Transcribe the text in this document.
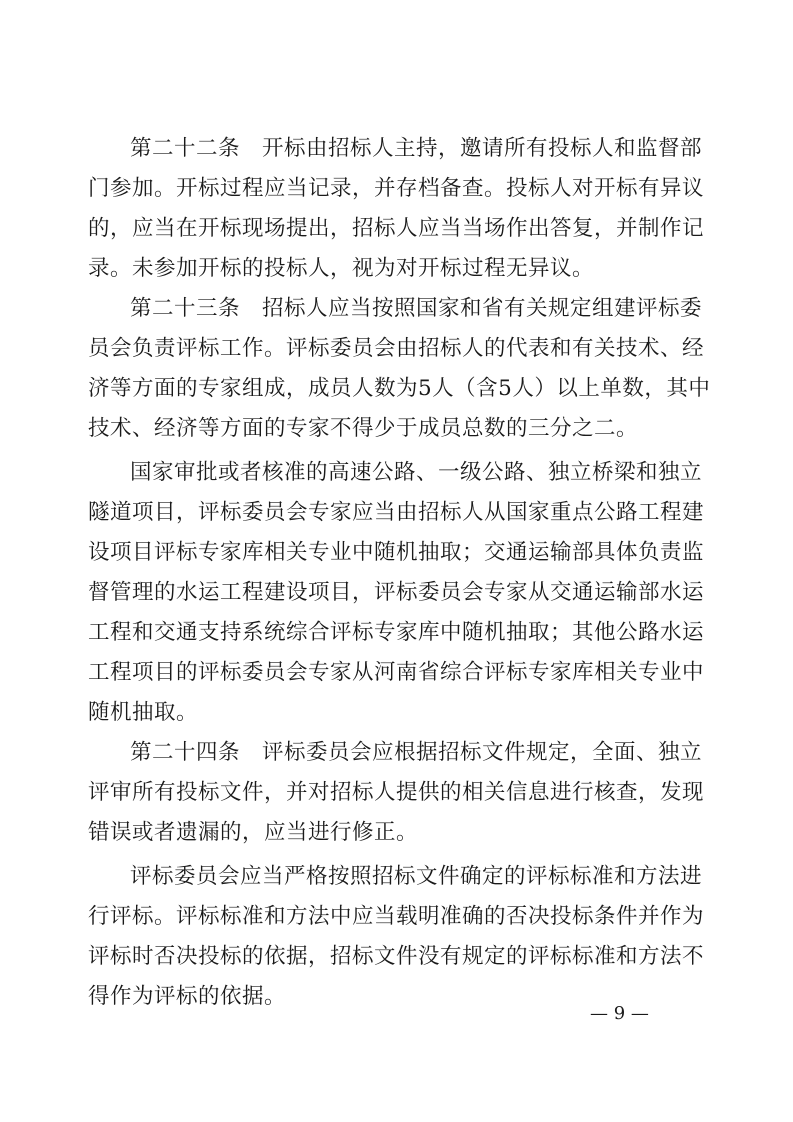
第二十二条　开标由招标人主持，邀请所有投标人和监督部

门参加。开标过程应当记录，并存档备查。投标人对开标有异议

的，应当在开标现场提出，招标人应当当场作出答复，并制作记

录。未参加开标的投标人，视为对开标过程无异议。

第二十三条　招标人应当按照国家和省有关规定组建评标委

员会负责评标工作。评标委员会由招标人的代表和有关技术、经

济等方面的专家组成，成员人数为5人（含5人）以上单数，其中

技术、经济等方面的专家不得少于成员总数的三分之二。

国家审批或者核准的高速公路、一级公路、独立桥梁和独立

隧道项目，评标委员会专家应当由招标人从国家重点公路工程建

设项目评标专家库相关专业中随机抽取；交通运输部具体负责监

督管理的水运工程建设项目，评标委员会专家从交通运输部水运

工程和交通支持系统综合评标专家库中随机抽取；其他公路水运

工程项目的评标委员会专家从河南省综合评标专家库相关专业中

随机抽取。

第二十四条　评标委员会应根据招标文件规定，全面、独立

评审所有投标文件，并对招标人提供的相关信息进行核查，发现

错误或者遗漏的，应当进行修正。

评标委员会应当严格按照招标文件确定的评标标准和方法进

行评标。评标标准和方法中应当载明准确的否决投标条件并作为

评标时否决投标的依据，招标文件没有规定的评标标准和方法不

得作为评标的依据。

— 9 —
